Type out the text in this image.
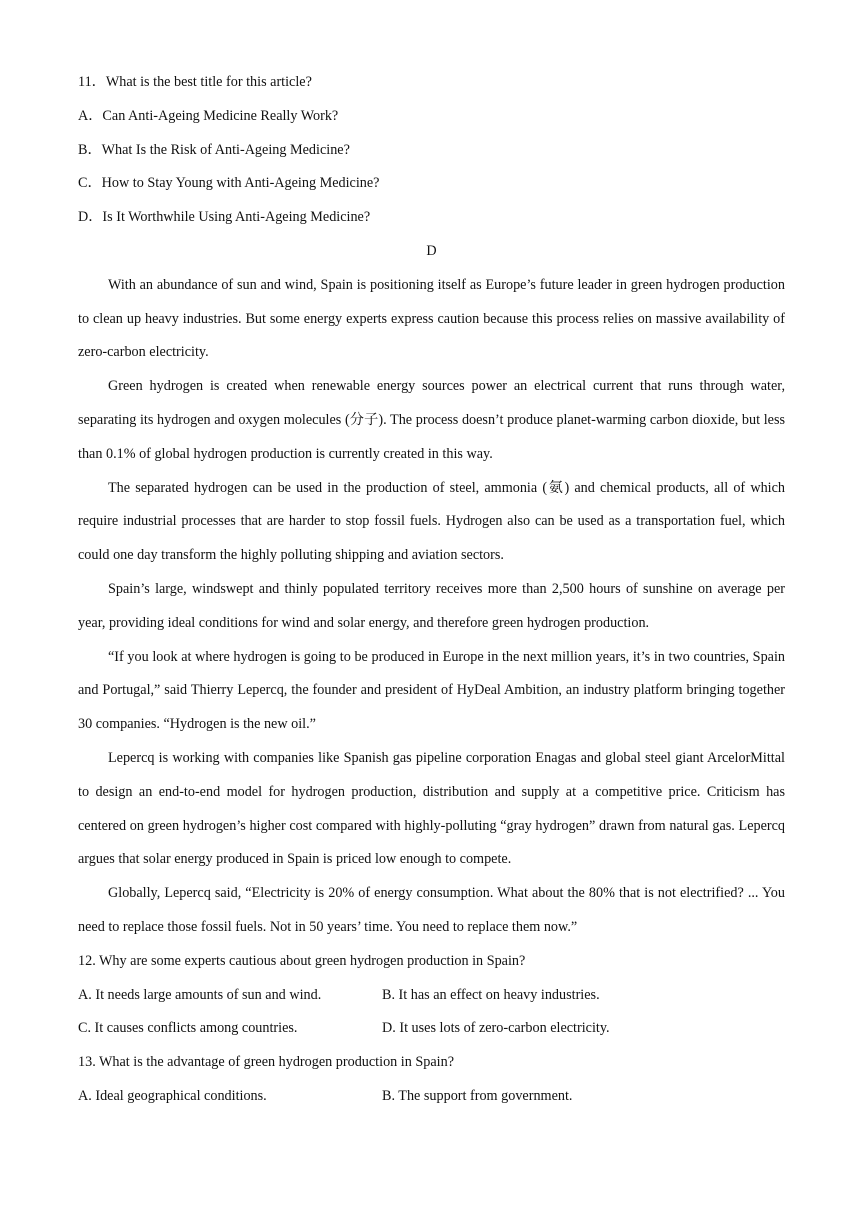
11．What is the best title for this article?
A．Can Anti-Ageing Medicine Really Work?
B．What Is the Risk of Anti-Ageing Medicine?
C．How to Stay Young with Anti-Ageing Medicine?
D．Is It Worthwhile Using Anti-Ageing Medicine?
D
With an abundance of sun and wind, Spain is positioning itself as Europe’s future leader in green hydrogen production to clean up heavy industries. But some energy experts express caution because this process relies on massive availability of zero-carbon electricity.
Green hydrogen is created when renewable energy sources power an electrical current that runs through water, separating its hydrogen and oxygen molecules (分子). The process doesn’t produce planet-warming carbon dioxide, but less than 0.1% of global hydrogen production is currently created in this way.
The separated hydrogen can be used in the production of steel, ammonia (氨) and chemical products, all of which require industrial processes that are harder to stop fossil fuels. Hydrogen also can be used as a transportation fuel, which could one day transform the highly polluting shipping and aviation sectors.
Spain’s large, windswept and thinly populated territory receives more than 2,500 hours of sunshine on average per year, providing ideal conditions for wind and solar energy, and therefore green hydrogen production.
“If you look at where hydrogen is going to be produced in Europe in the next million years, it’s in two countries, Spain and Portugal,” said Thierry Lepercq, the founder and president of HyDeal Ambition, an industry platform bringing together 30 companies. “Hydrogen is the new oil.”
Lepercq is working with companies like Spanish gas pipeline corporation Enagas and global steel giant ArcelorMittal to design an end-to-end model for hydrogen production, distribution and supply at a competitive price. Criticism has centered on green hydrogen’s higher cost compared with highly-polluting “gray hydrogen” drawn from natural gas. Lepercq argues that solar energy produced in Spain is priced low enough to compete.
Globally, Lepercq said, “Electricity is 20% of energy consumption. What about the 80% that is not electrified? ... You need to replace those fossil fuels. Not in 50 years’ time. You need to replace them now.”
12. Why are some experts cautious about green hydrogen production in Spain?
A. It needs large amounts of sun and wind.	B. It has an effect on heavy industries.
C. It causes conflicts among countries.	D. It uses lots of zero-carbon electricity.
13. What is the advantage of green hydrogen production in Spain?
A. Ideal geographical conditions.	B. The support from government.
